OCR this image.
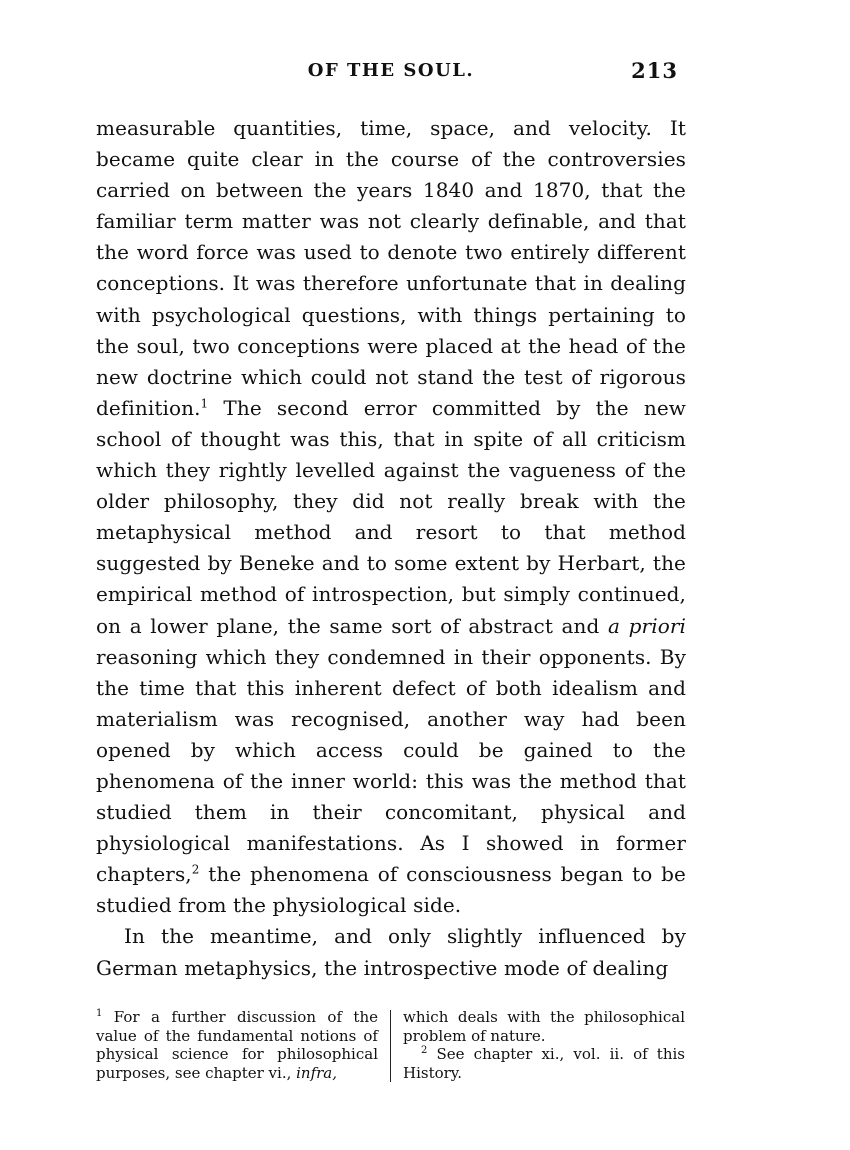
OF THE SOUL.	213

measurable quantities, time, space, and velocity. It became quite clear in the course of the controversies carried on between the years 1840 and 1870, that the familiar term matter was not clearly definable, and that the word force was used to denote two entirely different conceptions. It was therefore unfortunate that in dealing with psychological questions, with things pertaining to the soul, two conceptions were placed at the head of the new doctrine which could not stand the test of rigorous definition.$^1$ The second error committed by the new school of thought was this, that in spite of all criticism which they rightly levelled against the vagueness of the older philosophy, they did not really break with the metaphysical method and resort to that method suggested by Beneke and to some extent by Herbart, the empirical method of introspection, but simply continued, on a lower plane, the same sort of abstract and a priori reasoning which they condemned in their opponents. By the time that this inherent defect of both idealism and materialism was recognised, another way had been opened by which access could be gained to the phenomena of the inner world: this was the method that studied them in their concomitant, physical and physiological manifestations. As I showed in former chapters,$^2$ the phenomena of consciousness began to be studied from the physiological side.

In the meantime, and only slightly influenced by German metaphysics, the introspective mode of dealing

$^1$ For a further discussion of the value of the fundamental notions of physical science for philosophical purposes, see chapter vi., infra,
which deals with the philosophical problem of nature.
$^2$ See chapter xi., vol. ii. of this History.
